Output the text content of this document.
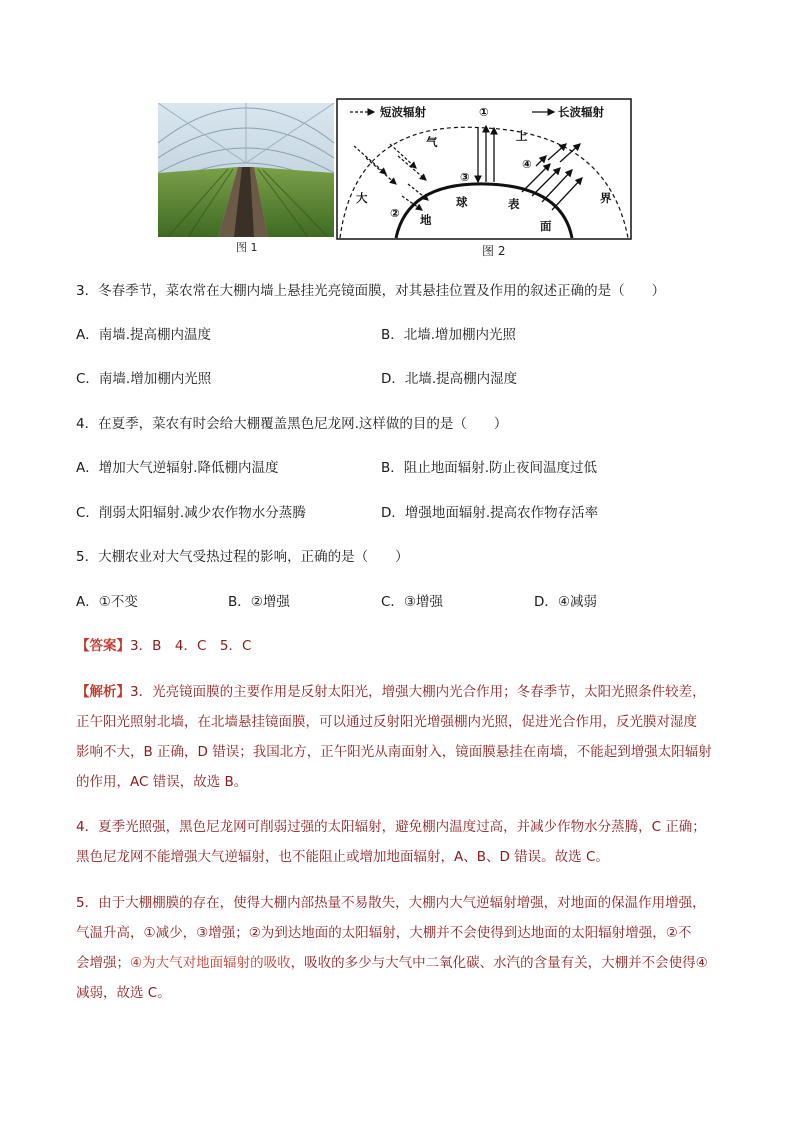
图 1
短波辐射	长波辐射
①
②
③
④
大
气	上
界
地
球	表
面
图 2
3．冬春季节，菜农常在大棚内墙上悬挂光亮镜面膜，对其悬挂位置及作用的叙述正确的是（　　）
A．南墙.提高棚内温度	B．北墙.增加棚内光照
C．南墙.增加棚内光照	D．北墙.提高棚内湿度
4．在夏季，菜农有时会给大棚覆盖黑色尼龙网.这样做的目的是（　　）
A．增加大气逆辐射.降低棚内温度	B．阻止地面辐射.防止夜间温度过低
C．削弱太阳辐射.减少农作物水分蒸腾	D．增强地面辐射.提高农作物存活率
5．大棚农业对大气受热过程的影响，正确的是（　　）
A．①不变	B．②增强	C．③增强	D．④减弱
【答案】3．B　4．C　5．C
【解析】3．光亮镜面膜的主要作用是反射太阳光，增强大棚内光合作用；冬春季节，太阳光照条件较差，
正午阳光照射北墙，在北墙悬挂镜面膜，可以通过反射阳光增强棚内光照，促进光合作用，反光膜对湿度
影响不大，B 正确，D 错误；我国北方，正午阳光从南面射入，镜面膜悬挂在南墙，不能起到增强太阳辐射
的作用，AC 错误，故选 B。
4．夏季光照强，黑色尼龙网可削弱过强的太阳辐射，避免棚内温度过高，并减少作物水分蒸腾，C 正确；
黑色尼龙网不能增强大气逆辐射，也不能阻止或增加地面辐射，A、B、D 错误。故选 C。
5．由于大棚棚膜的存在，使得大棚内部热量不易散失，大棚内大气逆辐射增强，对地面的保温作用增强，
气温升高，①减少，③增强；②为到达地面的太阳辐射，大棚并不会使得到达地面的太阳辐射增强，②不
会增强；④为大气对地面辐射的吸收，吸收的多少与大气中二氧化碳、水汽的含量有关，大棚并不会使得④
减弱，故选 C。
